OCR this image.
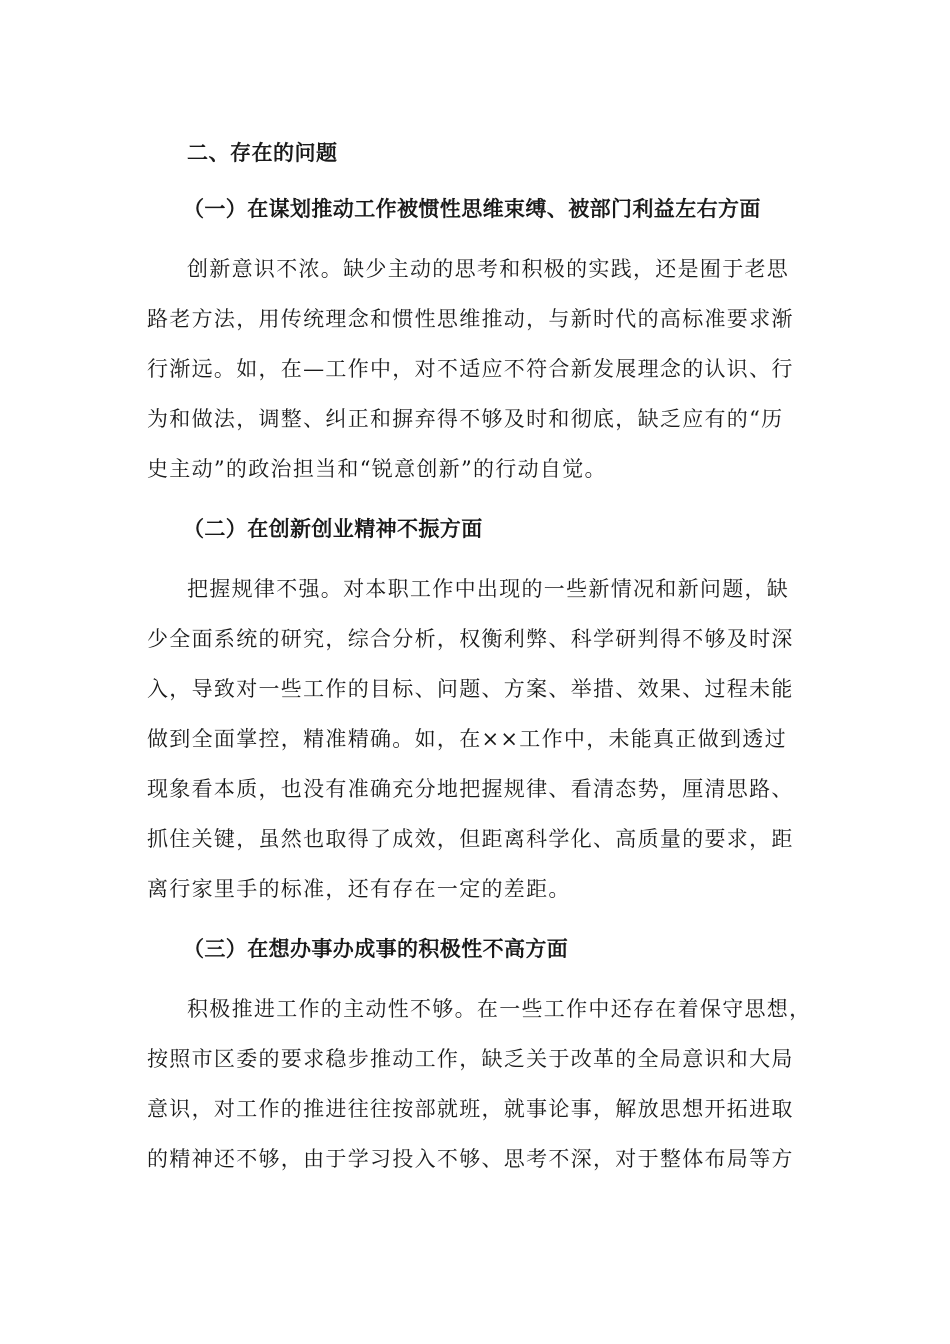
二、存在的问题

（一）在谋划推动工作被惯性思维束缚、被部门利益左右方面

创新意识不浓。缺少主动的思考和积极的实践，还是囿于老思
路老方法，用传统理念和惯性思维推动，与新时代的高标准要求渐
行渐远。如，在—工作中，对不适应不符合新发展理念的认识、行
为和做法，调整、纠正和摒弃得不够及时和彻底，缺乏应有的“历
史主动”的政治担当和“锐意创新”的行动自觉。

（二）在创新创业精神不振方面

把握规律不强。对本职工作中出现的一些新情况和新问题，缺
少全面系统的研究，综合分析，权衡利弊、科学研判得不够及时深
入，导致对一些工作的目标、问题、方案、举措、效果、过程未能
做到全面掌控，精准精确。如，在××工作中，未能真正做到透过
现象看本质，也没有准确充分地把握规律、看清态势，厘清思路、
抓住关键，虽然也取得了成效，但距离科学化、高质量的要求，距
离行家里手的标准，还有存在一定的差距。

（三）在想办事办成事的积极性不高方面

积极推进工作的主动性不够。在一些工作中还存在着保守思想，
按照市区委的要求稳步推动工作，缺乏关于改革的全局意识和大局
意识，对工作的推进往往按部就班，就事论事，解放思想开拓进取
的精神还不够，由于学习投入不够、思考不深，对于整体布局等方
